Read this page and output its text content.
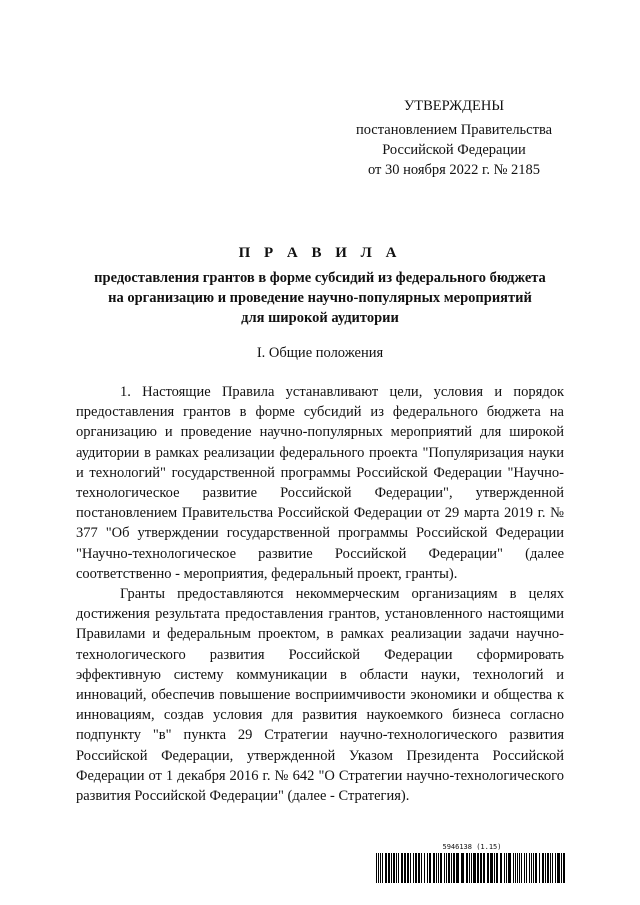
УТВЕРЖДЕНЫ
постановлением Правительства
Российской Федерации
от 30 ноября 2022 г. № 2185
П Р А В И Л А
предоставления грантов в форме субсидий из федерального бюджета
на организацию и проведение научно-популярных мероприятий
для широкой аудитории
I. Общие положения

1. Настоящие Правила устанавливают цели, условия и порядок предоставления грантов в форме субсидий из федерального бюджета на организацию и проведение научно-популярных мероприятий для широкой аудитории в рамках реализации федерального проекта "Популяризация науки и технологий" государственной программы Российской Федерации "Научно-технологическое развитие Российской Федерации", утвержденной постановлением Правительства Российской Федерации от 29 марта 2019 г. № 377 "Об утверждении государственной программы Российской Федерации "Научно-технологическое развитие Российской Федерации" (далее соответственно - мероприятия, федеральный проект, гранты).

Гранты предоставляются некоммерческим организациям в целях достижения результата предоставления грантов, установленного настоящими Правилами и федеральным проектом, в рамках реализации задачи научно-технологического развития Российской Федерации сформировать эффективную систему коммуникации в области науки, технологий и инноваций, обеспечив повышение восприимчивости экономики и общества к инновациям, создав условия для развития наукоемкого бизнеса согласно подпункту "в" пункта 29 Стратегии научно-технологического развития Российской Федерации, утвержденной Указом Президента Российской Федерации от 1 декабря 2016 г. № 642 "О Стратегии научно-технологического развития Российской Федерации" (далее - Стратегия).

5946138 (1.15)
